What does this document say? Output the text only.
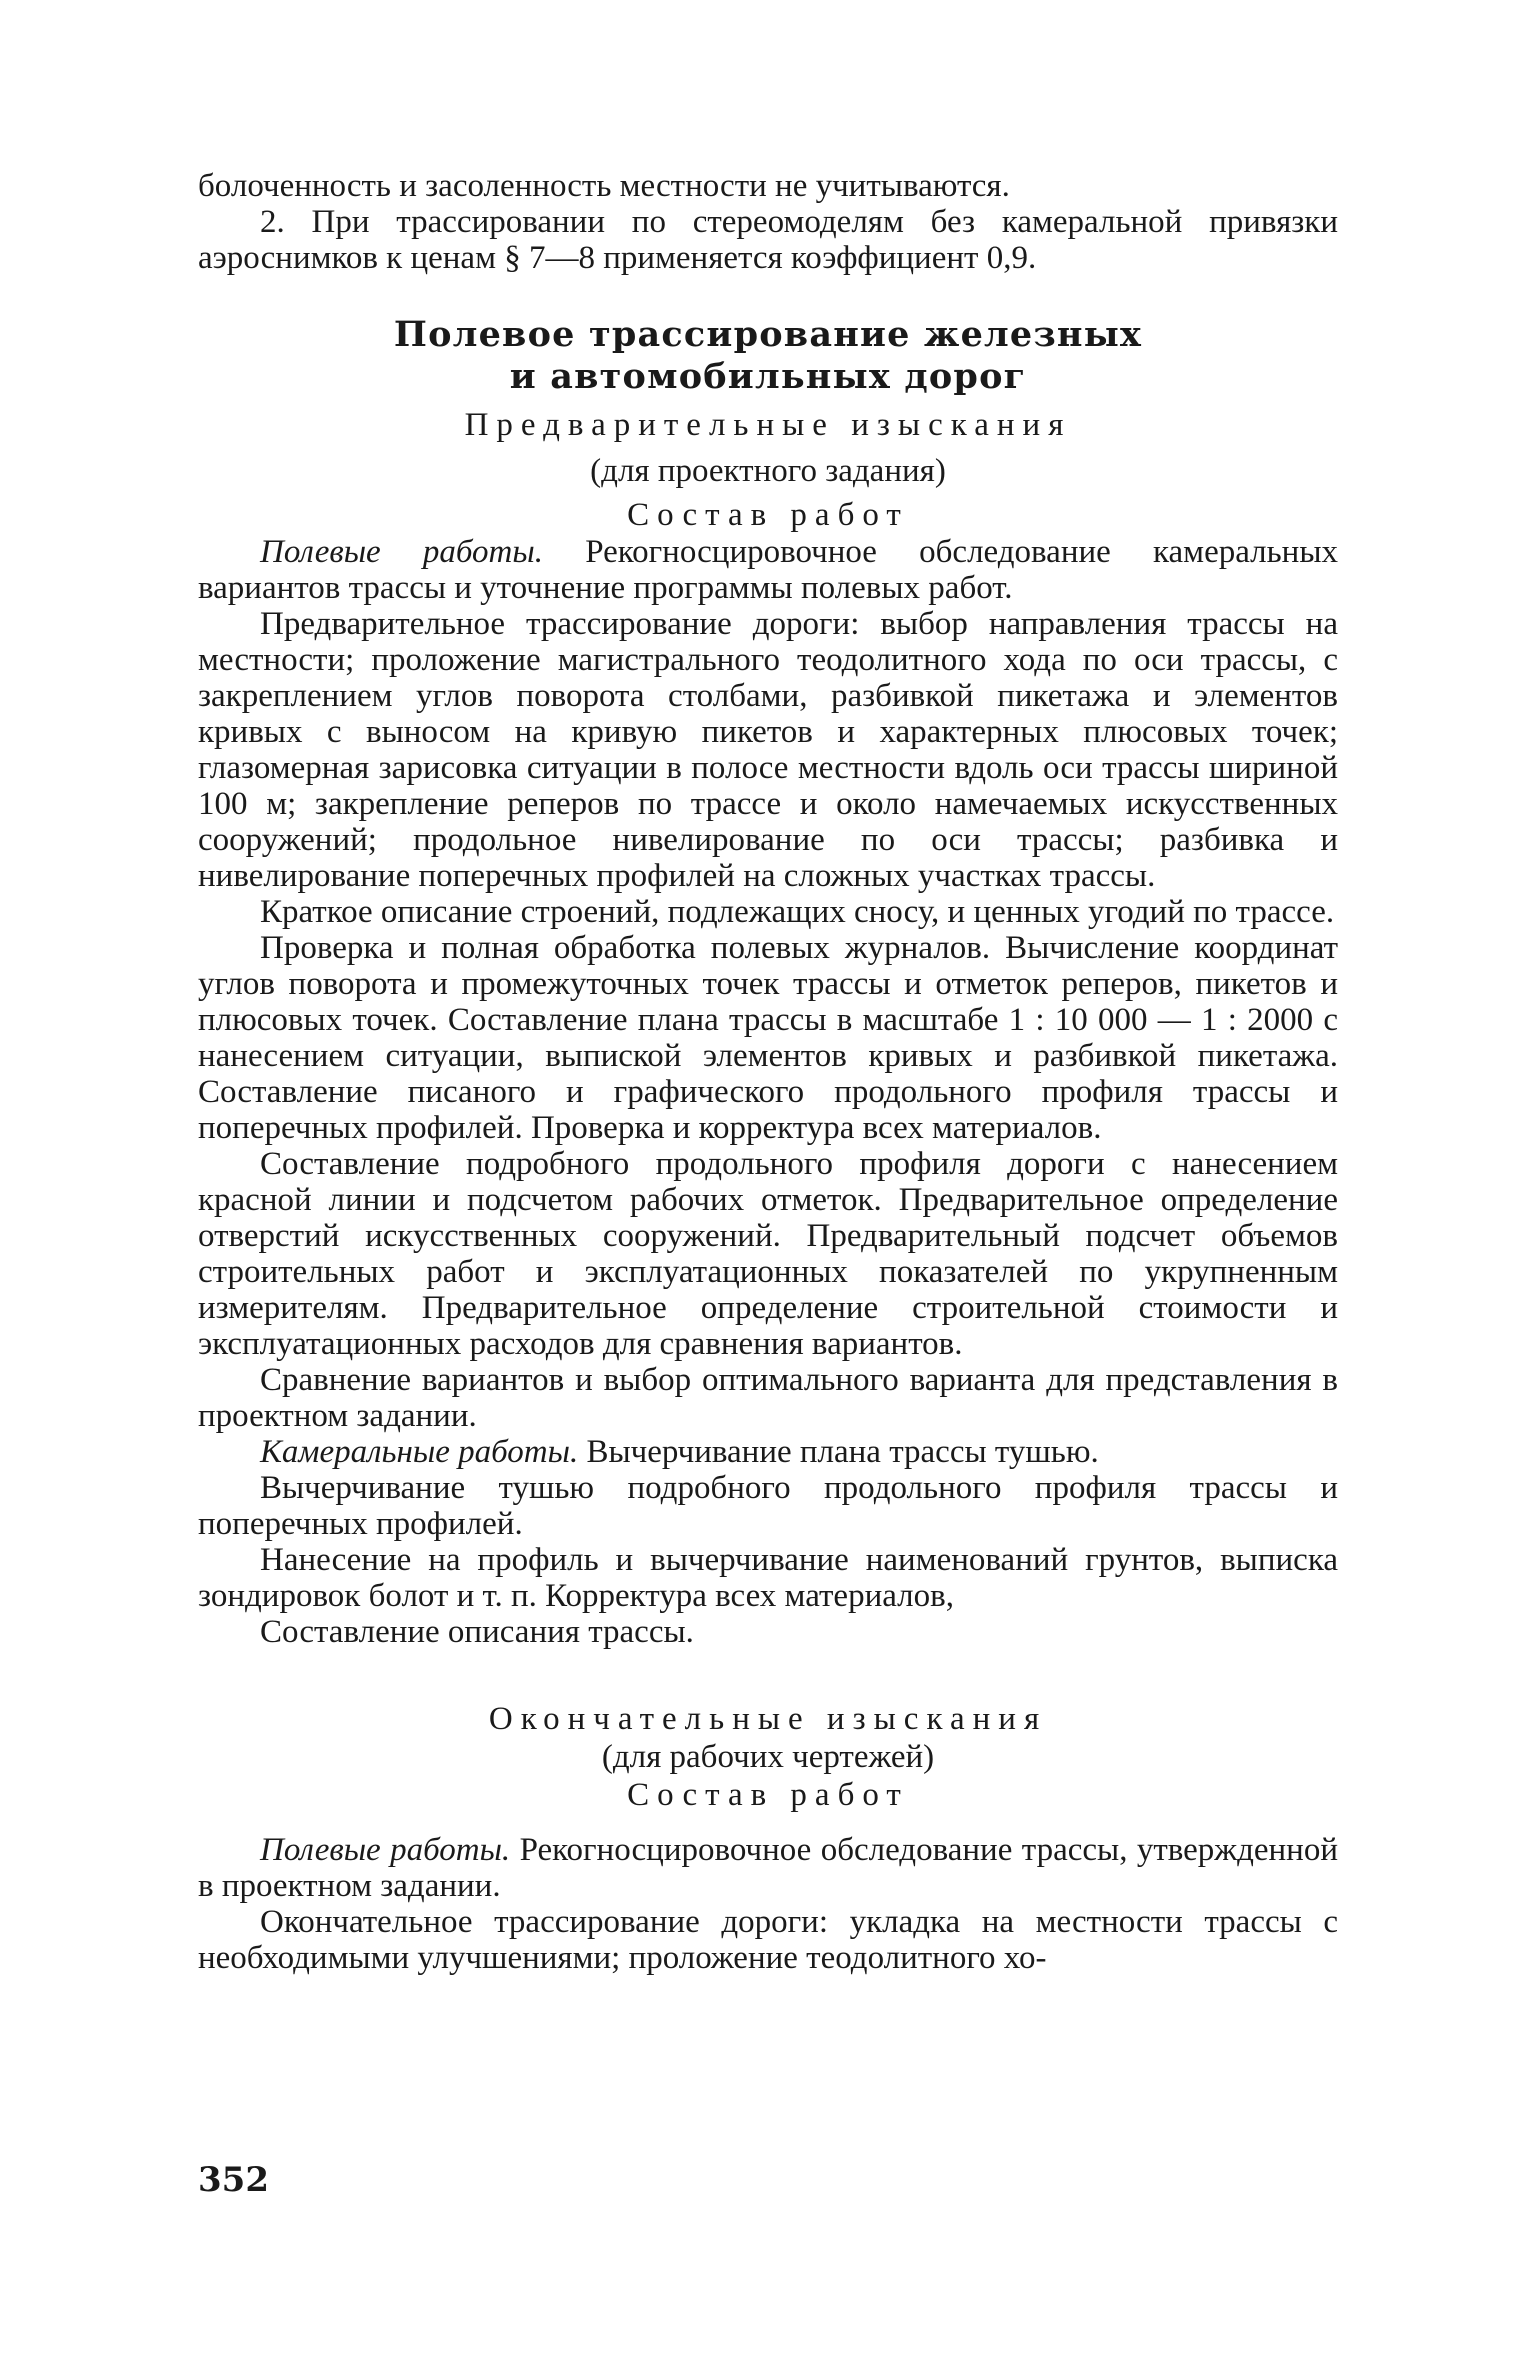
болоченность и засоленность местности не учитываются.

2. При трассировании по стереомоделям без камеральной привязки аэроснимков к ценам § 7—8 применяется коэффициент 0,9.

Полевое трассирование железных

и автомобильных дорог

Предварительные изыскания

(для проектного задания)

Состав работ

Полевые работы. Рекогносцировочное обследование камеральных вариантов трассы и уточнение программы полевых работ.

Предварительное трассирование дороги: выбор направления трассы на местности; проложение магистрального теодолитного хода по оси трассы, с закреплением углов поворота столбами, разбивкой пикетажа и элементов кривых с выносом на кривую пикетов и характерных плюсовых точек; глазомерная зарисовка ситуации в полосе местности вдоль оси трассы шириной 100 м; закрепление реперов по трассе и около намечаемых искусственных сооружений; продольное нивелирование по оси трассы; разбивка и нивелирование поперечных профилей на сложных участках трассы.

Краткое описание строений, подлежащих сносу, и ценных угодий по трассе.

Проверка и полная обработка полевых журналов. Вычисление координат углов поворота и промежуточных точек трассы и отметок реперов, пикетов и плюсовых точек. Составление плана трассы в масштабе 1 : 10 000 — 1 : 2000 с нанесением ситуации, выпиской элементов кривых и разбивкой пикетажа. Составление писаного и графического продольного профиля трассы и поперечных профилей. Проверка и корректура всех материалов.

Составление подробного продольного профиля дороги с нанесением красной линии и подсчетом рабочих отметок. Предварительное определение отверстий искусственных сооружений. Предварительный подсчет объемов строительных работ и эксплуатационных показателей по укрупненным измерителям. Предварительное определение строительной стоимости и эксплуатационных расходов для сравнения вариантов.

Сравнение вариантов и выбор оптимального варианта для представления в проектном задании.

Камеральные работы. Вычерчивание плана трассы тушью.

Вычерчивание тушью подробного продольного профиля трассы и поперечных профилей.

Нанесение на профиль и вычерчивание наименований грунтов, выписка зондировок болот и т. п. Корректура всех материалов,

Составление описания трассы.

Окончательные изыскания

(для рабочих чертежей)

Состав работ

Полевые работы. Рекогносцировочное обследование трассы, утвержденной в проектном задании.

Окончательное трассирование дороги: укладка на местности трассы с необходимыми улучшениями; проложение теодолитного хо-

352
